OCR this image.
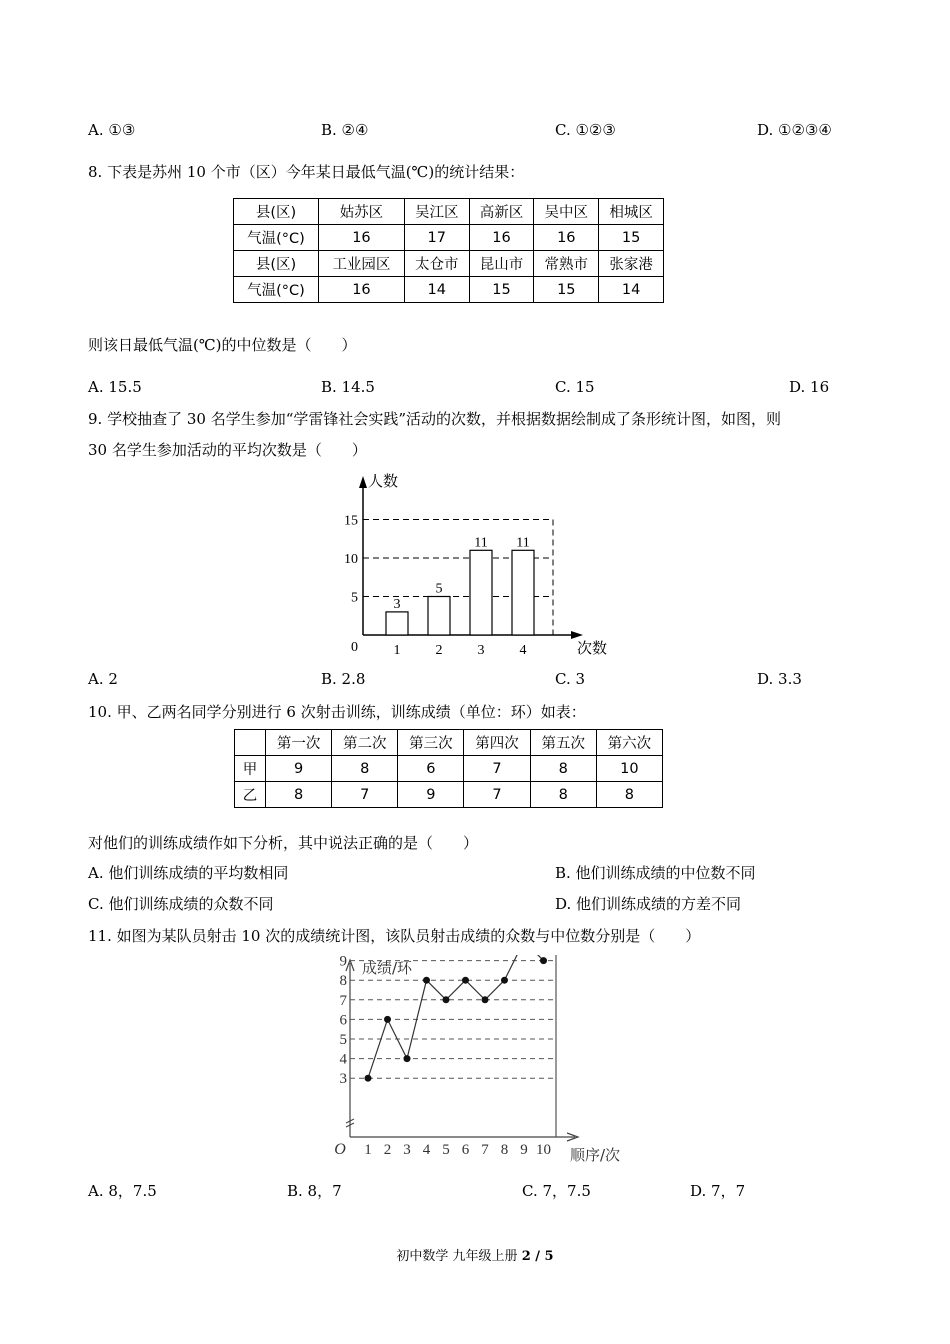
A. ①③	B. ②④	C. ①②③	D. ①②③④
8. 下表是苏州 10 个市（区）今年某日最低气温(℃)的统计结果：
县(区)	姑苏区	吴江区	高新区	吴中区	相城区
气温(°C)	16	17	16	16	15
县(区)	工业园区	太仓市	昆山市	常熟市	张家港
气温(°C)	16	14	15	15	14
则该日最低气温(℃)的中位数是（　　）
A. 15.5	B. 14.5	C. 15	D. 16
9. 学校抽查了 30 名学生参加“学雷锋社会实践”活动的次数，并根据数据绘制成了条形统计图，如图，则
30 名学生参加活动的平均次数是（　　）
人数
次数
0
5
10
15
3
1
5
2
11
3
11
4
A. 2	B. 2.8	C. 3	D. 3.3
10. 甲、乙两名同学分别进行 6 次射击训练，训练成绩（单位：环）如表：
	第一次	第二次	第三次	第四次	第五次	第六次
甲	9	8	6	7	8	10
乙	8	7	9	7	8	8
对他们的训练成绩作如下分析，其中说法正确的是（　　）
A. 他们训练成绩的平均数相同	B. 他们训练成绩的中位数不同
C. 他们训练成绩的众数不同	D. 他们训练成绩的方差不同
11. 如图为某队员射击 10 次的成绩统计图，该队员射击成绩的众数与中位数分别是（　　）
成绩/环
顺序/次
O
3
4
5
6
7
8
9
1 2 3 4 5 6 7 8 9 10
A. 8，7.5	B. 8，7	C. 7，7.5	D. 7，7
初中数学 九年级上册 2 / 5
